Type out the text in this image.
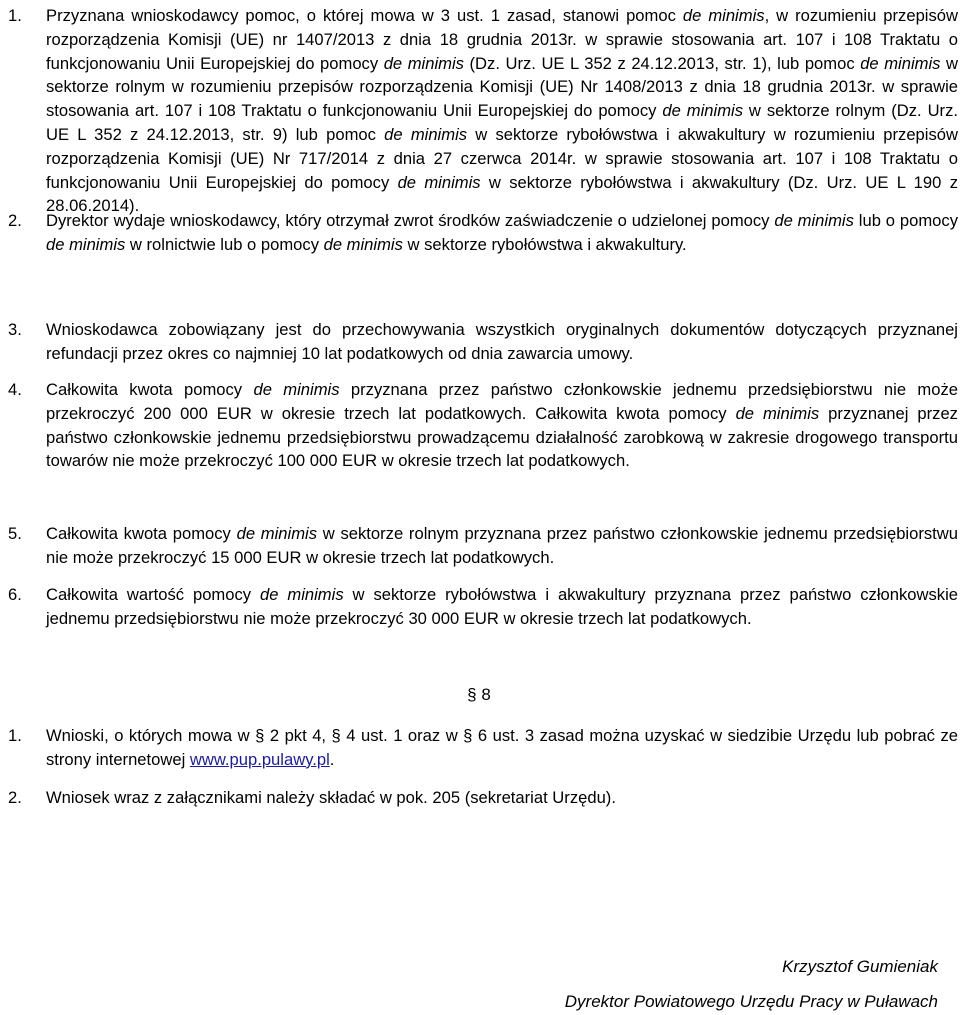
1.	Przyznana wnioskodawcy pomoc, o której mowa w 3 ust. 1 zasad, stanowi pomoc de minimis, w rozumieniu przepisów rozporządzenia Komisji (UE) nr 1407/2013 z dnia 18 grudnia 2013r. w sprawie stosowania art. 107 i 108 Traktatu o funkcjonowaniu Unii Europejskiej do pomocy de minimis (Dz. Urz. UE L 352 z 24.12.2013, str. 1), lub pomoc de minimis w sektorze rolnym w rozumieniu przepisów rozporządzenia Komisji (UE) Nr 1408/2013 z dnia 18 grudnia 2013r. w sprawie stosowania art. 107 i 108 Traktatu o funkcjonowaniu Unii Europejskiej do pomocy de minimis w sektorze rolnym (Dz. Urz. UE L 352 z 24.12.2013, str. 9) lub pomoc de minimis w sektorze rybołówstwa i akwakultury w rozumieniu przepisów rozporządzenia Komisji (UE) Nr 717/2014 z dnia 27 czerwca 2014r. w sprawie stosowania art. 107 i 108 Traktatu o funkcjonowaniu Unii Europejskiej do pomocy de minimis w sektorze rybołówstwa i akwakultury (Dz. Urz. UE L 190 z 28.06.2014).
2.	Dyrektor wydaje wnioskodawcy, który otrzymał zwrot środków zaświadczenie o udzielonej pomocy de minimis lub o pomocy de minimis w rolnictwie lub o pomocy de minimis w sektorze rybołówstwa i akwakultury.
3.	Wnioskodawca zobowiązany jest do przechowywania wszystkich oryginalnych dokumentów dotyczących przyznanej refundacji przez okres co najmniej 10 lat podatkowych od dnia zawarcia umowy.
4.	Całkowita kwota pomocy de minimis przyznana przez państwo członkowskie jednemu przedsiębiorstwu nie może przekroczyć 200 000 EUR w okresie trzech lat podatkowych. Całkowita kwota pomocy de minimis przyznanej przez państwo członkowskie jednemu przedsiębiorstwu prowadzącemu działalność zarobkową w zakresie drogowego transportu towarów nie może przekroczyć 100 000 EUR w okresie trzech lat podatkowych.
5.	Całkowita kwota pomocy de minimis w sektorze rolnym przyznana przez państwo członkowskie jednemu przedsiębiorstwu nie może przekroczyć 15 000 EUR w okresie trzech lat podatkowych.
6.	Całkowita wartość pomocy de minimis w sektorze rybołówstwa i akwakultury przyznana przez państwo członkowskie jednemu przedsiębiorstwu nie może przekroczyć 30 000 EUR w okresie trzech lat podatkowych.
§ 8
1.	Wnioski, o których mowa w § 2 pkt 4, § 4 ust. 1 oraz w § 6 ust. 3 zasad można uzyskać w siedzibie Urzędu lub pobrać ze strony internetowej www.pup.pulawy.pl.
2.	Wniosek wraz z załącznikami należy składać w pok. 205 (sekretariat Urzędu).
Krzysztof Gumieniak
Dyrektor Powiatowego Urzędu Pracy w Puławach
